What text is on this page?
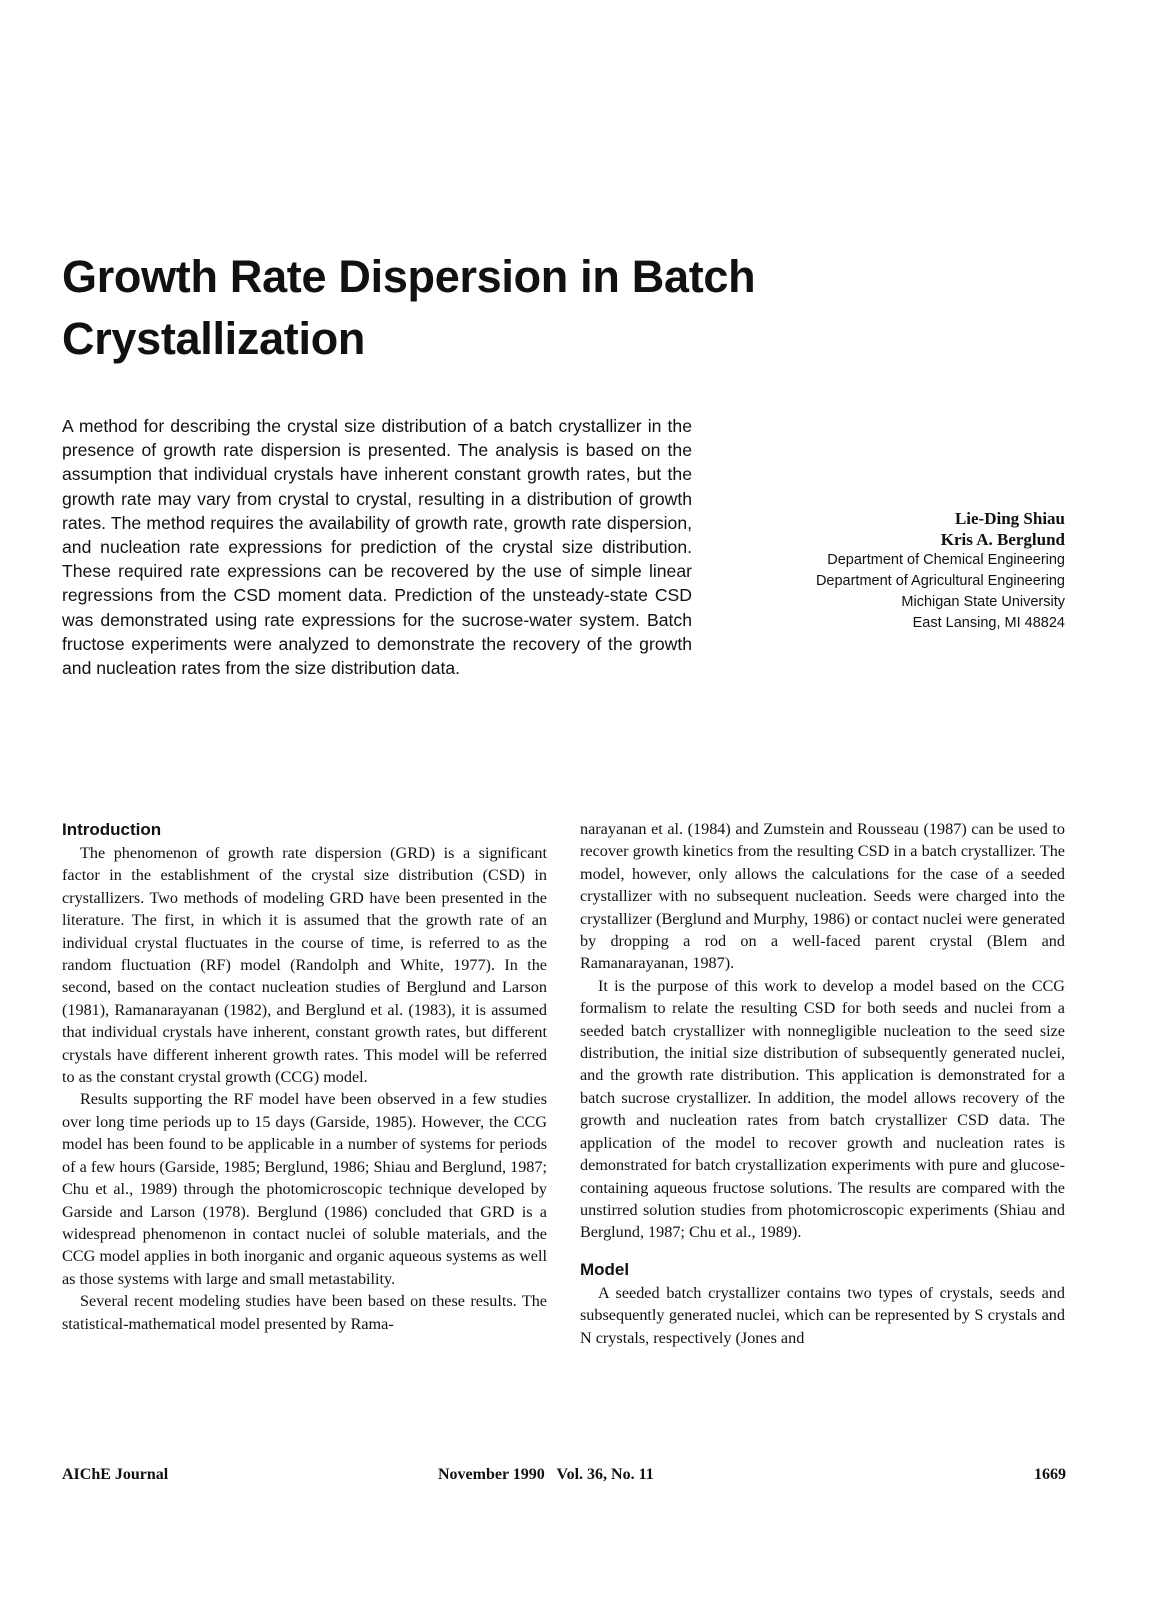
Growth Rate Dispersion in Batch
Crystallization

A method for describing the crystal size distribution of a batch crystallizer in the presence of growth rate dispersion is presented. The analysis is based on the assumption that individual crystals have inherent constant growth rates, but the growth rate may vary from crystal to crystal, resulting in a distribution of growth rates. The method requires the availability of growth rate, growth rate dispersion, and nucleation rate expressions for prediction of the crystal size distribution. These required rate expressions can be recovered by the use of simple linear regressions from the CSD moment data. Prediction of the unsteady-state CSD was demonstrated using rate expressions for the sucrose-water system. Batch fructose experiments were analyzed to demonstrate the recovery of the growth and nucleation rates from the size distribution data.

Lie-Ding Shiau
Kris A. Berglund
Department of Chemical Engineering
Department of Agricultural Engineering
Michigan State University
East Lansing, MI 48824
Introduction

The phenomenon of growth rate dispersion (GRD) is a significant factor in the establishment of the crystal size distribution (CSD) in crystallizers. Two methods of modeling GRD have been presented in the literature. The first, in which it is assumed that the growth rate of an individual crystal fluctuates in the course of time, is referred to as the random fluctuation (RF) model (Randolph and White, 1977). In the second, based on the contact nucleation studies of Berglund and Larson (1981), Ramanarayanan (1982), and Berglund et al. (1983), it is assumed that individual crystals have inherent, constant growth rates, but different crystals have different inherent growth rates. This model will be referred to as the constant crystal growth (CCG) model.

Results supporting the RF model have been observed in a few studies over long time periods up to 15 days (Garside, 1985). However, the CCG model has been found to be applicable in a number of systems for periods of a few hours (Garside, 1985; Berglund, 1986; Shiau and Berglund, 1987; Chu et al., 1989) through the photomicroscopic technique developed by Garside and Larson (1978). Berglund (1986) concluded that GRD is a widespread phenomenon in contact nuclei of soluble materials, and the CCG model applies in both inorganic and organic aqueous systems as well as those systems with large and small metastability.

Several recent modeling studies have been based on these results. The statistical-mathematical model presented by Rama-

narayanan et al. (1984) and Zumstein and Rousseau (1987) can be used to recover growth kinetics from the resulting CSD in a batch crystallizer. The model, however, only allows the calculations for the case of a seeded crystallizer with no subsequent nucleation. Seeds were charged into the crystallizer (Berglund and Murphy, 1986) or contact nuclei were generated by dropping a rod on a well-faced parent crystal (Blem and Ramanarayanan, 1987).

It is the purpose of this work to develop a model based on the CCG formalism to relate the resulting CSD for both seeds and nuclei from a seeded batch crystallizer with nonnegligible nucleation to the seed size distribution, the initial size distribution of subsequently generated nuclei, and the growth rate distribution. This application is demonstrated for a batch sucrose crystallizer. In addition, the model allows recovery of the growth and nucleation rates from batch crystallizer CSD data. The application of the model to recover growth and nucleation rates is demonstrated for batch crystallization experiments with pure and glucose-containing aqueous fructose solutions. The results are compared with the unstirred solution studies from photomicroscopic experiments (Shiau and Berglund, 1987; Chu et al., 1989).

Model

A seeded batch crystallizer contains two types of crystals, seeds and subsequently generated nuclei, which can be represented by S crystals and N crystals, respectively (Jones and

AIChE Journal	November 1990   Vol. 36, No. 11	1669
